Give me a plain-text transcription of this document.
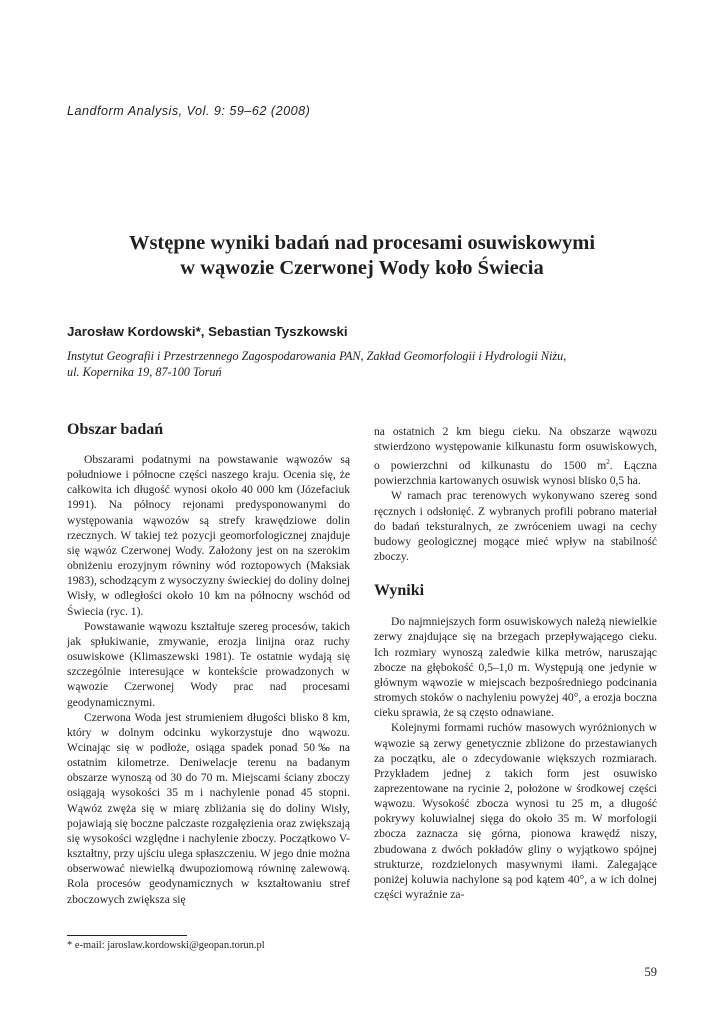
Landform Analysis, Vol. 9: 59–62 (2008)
Wstępne wyniki badań nad procesami osuwiskowymi
w wąwozie Czerwonej Wody koło Świecia
Jarosław Kordowski*, Sebastian Tyszkowski
Instytut Geografii i Przestrzennego Zagospodarowania PAN, Zakład Geomorfologii i Hydrologii Niżu,
ul. Kopernika 19, 87-100 Toruń
Obszar badań

Obszarami podatnymi na powstawanie wąwozów są południowe i północne części naszego kraju. Ocenia się, że całkowita ich długość wynosi około 40 000 km (Józefaciuk 1991). Na północy rejonami predysponowanymi do występowania wąwozów są strefy krawędziowe dolin rzecznych. W takiej też pozycji geomorfologicznej znajduje się wąwóz Czerwonej Wody. Założony jest on na szerokim obniżeniu erozyjnym równiny wód roztopowych (Maksiak 1983), schodzącym z wysoczyzny świeckiej do doliny dolnej Wisły, w odległości około 10 km na północny wschód od Świecia (ryc. 1).

Powstawanie wąwozu kształtuje szereg procesów, takich jak spłukiwanie, zmywanie, erozja linijna oraz ruchy osuwiskowe (Klimaszewski 1981). Te ostatnie wydają się szczególnie interesujące w kontekście prowadzonych w wąwozie Czerwonej Wody prac nad procesami geodynamicznymi.

Czerwona Woda jest strumieniem długości blisko 8 km, który w dolnym odcinku wykorzystuje dno wąwozu. Wcinając się w podłoże, osiąga spadek ponad 50‰ na ostatnim kilometrze. Deniwelacje terenu na badanym obszarze wynoszą od 30 do 70 m. Miejscami ściany zboczy osiągają wysokości 35 m i nachylenie ponad 45 stopni. Wąwóz zwęża się w miarę zbliżania się do doliny Wisły, pojawiają się boczne palczaste rozgałęzienia oraz zwiększają się wysokości względne i nachylenie zboczy. Początkowo V-kształtny, przy ujściu ulega spłaszczeniu. W jego dnie można obserwować niewielką dwupoziomową równinę zalewową. Rola procesów geodynamicznych w kształtowaniu stref zboczowych zwiększa się

na ostatnich 2 km biegu cieku. Na obszarze wąwozu stwierdzono występowanie kilkunastu form osuwiskowych, o powierzchni od kilkunastu do 1500 $m^2$. Łączna powierzchnia kartowanych osuwisk wynosi blisko 0,5 ha.

W ramach prac terenowych wykonywano szereg sond ręcznych i odsłonięć. Z wybranych profili pobrano materiał do badań teksturalnych, ze zwróceniem uwagi na cechy budowy geologicznej mogące mieć wpływ na stabilność zboczy.

Wyniki

Do najmniejszych form osuwiskowych należą niewielkie zerwy znajdujące się na brzegach przepływającego cieku. Ich rozmiary wynoszą zaledwie kilka metrów, naruszając zbocze na głębokość 0,5–1,0 m. Występują one jedynie w głównym wąwozie w miejscach bezpośredniego podcinania stromych stoków o nachyleniu powyżej 40°, a erozja boczna cieku sprawia, że są często odnawiane.

Kolejnymi formami ruchów masowych wyróżnionych w wąwozie są zerwy genetycznie zbliżone do przestawianych za początku, ale o zdecydowanie większych rozmiarach. Przykładem jednej z takich form jest osuwisko zaprezentowane na rycinie 2, położone w środkowej części wąwozu. Wysokość zbocza wynosi tu 25 m, a długość pokrywy koluwialnej sięga do około 35 m. W morfologii zbocza zaznacza się górna, pionowa krawędź niszy, zbudowana z dwóch pokładów gliny o wyjątkowo spójnej strukturze, rozdzielonych masywnymi iłami. Zalegające poniżej koluwia nachylone są pod kątem 40°, a w ich dolnej części wyraźnie za-

* e-mail: jaroslaw.kordowski@geopan.torun.pl
59
